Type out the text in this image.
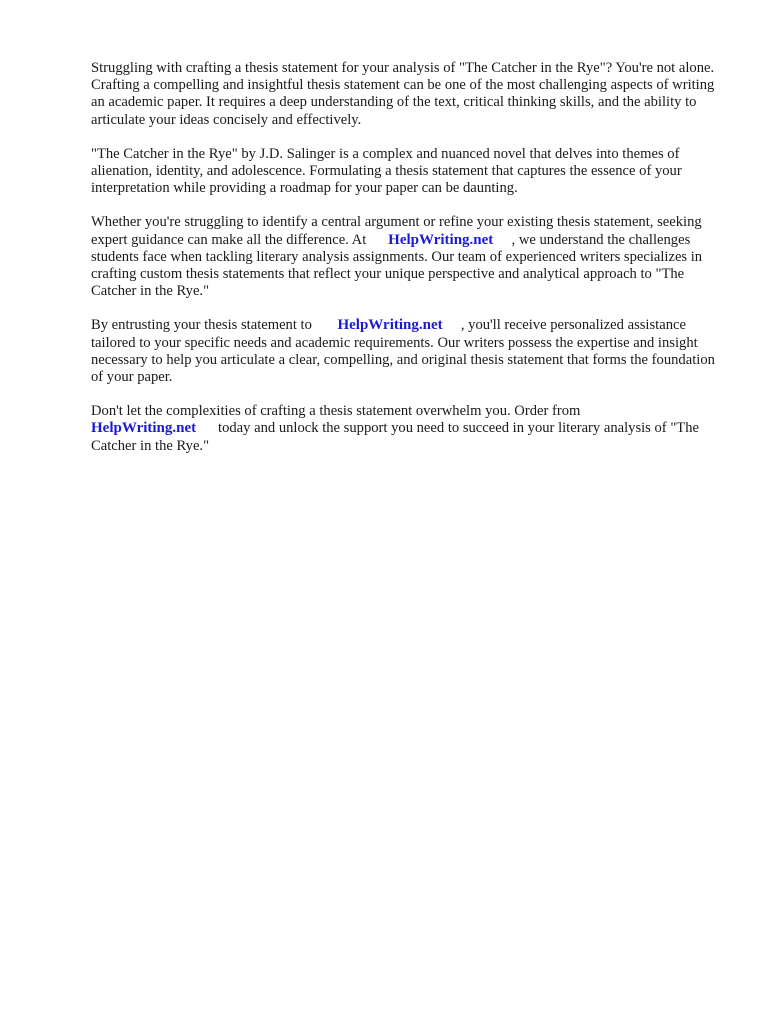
Struggling with crafting a thesis statement for your analysis of "The Catcher in the Rye"? You're not alone. Crafting a compelling and insightful thesis statement can be one of the most challenging aspects of writing an academic paper. It requires a deep understanding of the text, critical thinking skills, and the ability to articulate your ideas concisely and effectively.

"The Catcher in the Rye" by J.D. Salinger is a complex and nuanced novel that delves into themes of alienation, identity, and adolescence. Formulating a thesis statement that captures the essence of your interpretation while providing a roadmap for your paper can be daunting.

Whether you're struggling to identify a central argument or refine your existing thesis statement, seeking expert guidance can make all the difference. At HelpWriting.net , we understand the challenges students face when tackling literary analysis assignments. Our team of experienced writers specializes in crafting custom thesis statements that reflect your unique perspective and analytical approach to "The Catcher in the Rye."

By entrusting your thesis statement to HelpWriting.net , you'll receive personalized assistance tailored to your specific needs and academic requirements. Our writers possess the expertise and insight necessary to help you articulate a clear, compelling, and original thesis statement that forms the foundation of your paper.

Don't let the complexities of crafting a thesis statement overwhelm you. Order from
HelpWriting.net today and unlock the support you need to succeed in your literary analysis of "The Catcher in the Rye."
